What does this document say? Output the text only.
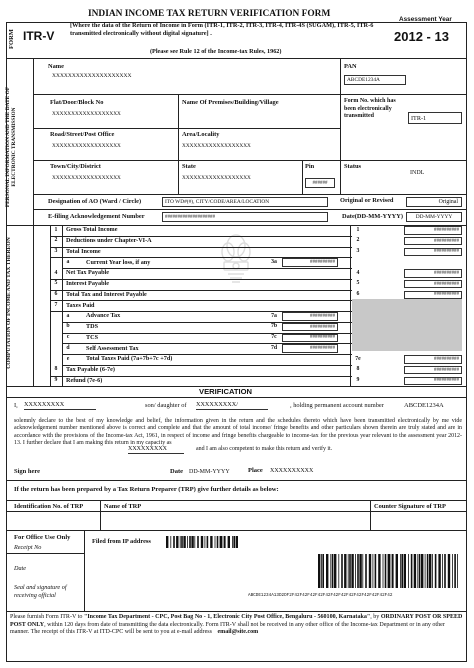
FORM ITR-V
INDIAN INCOME TAX RETURN VERIFICATION FORM
[Where the data of the Return of Income in Form (ITR-1, ITR-2, ITR-3, ITR-4, ITR-4S (SUGAM), ITR-5, ITR-6 transmitted electronically without digital signature] .
(Please see Rule 12 of the Income-tax Rules, 1962)
Assessment Year
2012 - 13
PERSONAL INFORMATION AND THE DATE OF ELECTRONIC TRANSMISSION
Name
XXXXXXXXXXXXXXXXXXXX
PAN
ABCDE1234A
Flat/Door/Block No
XXXXXXXXXXXXXXXXXX
Name Of Premises/Building/Village	Form No. which has been electronically transmitted	ITR-1
Road/Street/Post Office
XXXXXXXXXXXXXXXXXX
Area/Locality
XXXXXXXXXXXXXXXXXX
Town/City/District
XXXXXXXXXXXXXXXXXX
State
XXXXXXXXXXXXXXXXXX
Pin
######
Status
INDL
Designation of AO (Ward / Circle)	ITO WD#(#), CITY/CODE/AREA/LOCATION	Original or Revised	Original
E-filing Acknowledgement Number	####################	Date(DD-MM-YYYY)	DD-MM-YYYY
COMPUTATION OF INCOME AND TAX THEREON
1	Gross Total Income	1	##########
2	Deductions under Chapter-VI-A	2	##########
3	Total Income	3	##########
a	Current Year loss, if any	3a	##########
4	Net Tax Payable	4	##########
5	Interest Payable	5	##########
6	Total Tax and Interest Payable	6	##########
7	Taxes Paid
a	Advance Tax	7a	##########
b	TDS	7b	##########
c	TCS	7c	##########
d	Self Assessment Tax	7d	##########
e	Total Taxes Paid (7a+7b+7c +7d)	7e	##########
8	Tax Payable (6-7e)	8	##########
9	Refund (7e-6)	9	##########
VERIFICATION
I, XXXXXXXXX	son/ daughter of XXXXXXXXX/	, holding permanent account number	ABCDE1234A
solemnly declare to the best of my knowledge and belief, the information given in the return and the schedules thereto which have been transmitted electronically by me vide acknowledgement number mentioned above is correct and complete and that the amount of total income/ fringe benefits and other particulars shown therein are truly stated and are in accordance with the provisions of the Income-tax Act, 1961, in respect of income and fringe benefits chargeable to income-tax for the previous year relevant to the assessment year 2012-13. I further declare that I am making this return in my capacity as
XXXXXXXXX	and I am also competent to make this return and verify it.
Sign here	Date DD-MM-YYYY	Place XXXXXXXXXX
If the return has been prepared by a Tax Return Preparer (TRP) give further details as below:
Identification No. of TRP	Name of TRP	Counter Signature of TRP
For Office Use Only
Receipt No
Date
Seal and signature of receiving official
Filed from IP address
ABCDE1234A13D2DF2F42F42F42F42F42F42F42F42F42F42F42F42F42
Please furnish Form ITR-V to "Income Tax Department - CPC, Post Bag No - 1, Electronic City Post Office, Bengaluru - 560100, Karnataka", by ORDINARY POST OR SPEED POST ONLY, within 120 days from date of transmitting the data electronically. Form ITR-V shall not be received in any other office of the Income-tax Department or in any other manner. The receipt of this ITR-V at ITD-CPC will be sent to you at e-mail address email@site.com
